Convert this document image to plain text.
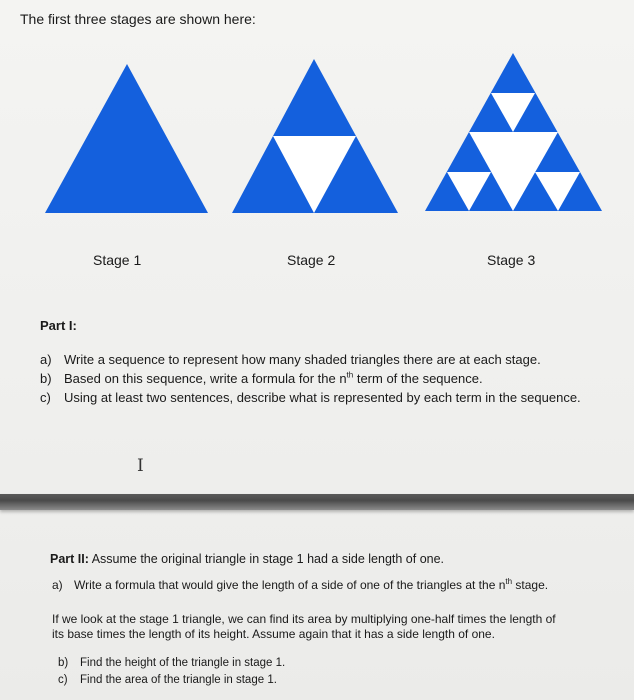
The first three stages are shown here:
Stage 1	Stage 2	Stage 3
Part I:
a) Write a sequence to represent how many shaded triangles there are at each stage.
b) Based on this sequence, write a formula for the $n^{th}$ term of the sequence.
c)	Using at least two sentences, describe what is represented by each term in the sequence.
I
Part II: Assume the original triangle in stage 1 had a side length of one.
a) Write a formula that would give the length of a side of one of the triangles at the $n^{th}$ stage.
If we look at the stage 1 triangle, we can find its area by multiplying one-half times the length of
its base times the length of its height. Assume again that it has a side length of one.
b) Find the height of the triangle in stage 1.
c) Find the area of the triangle in stage 1.
